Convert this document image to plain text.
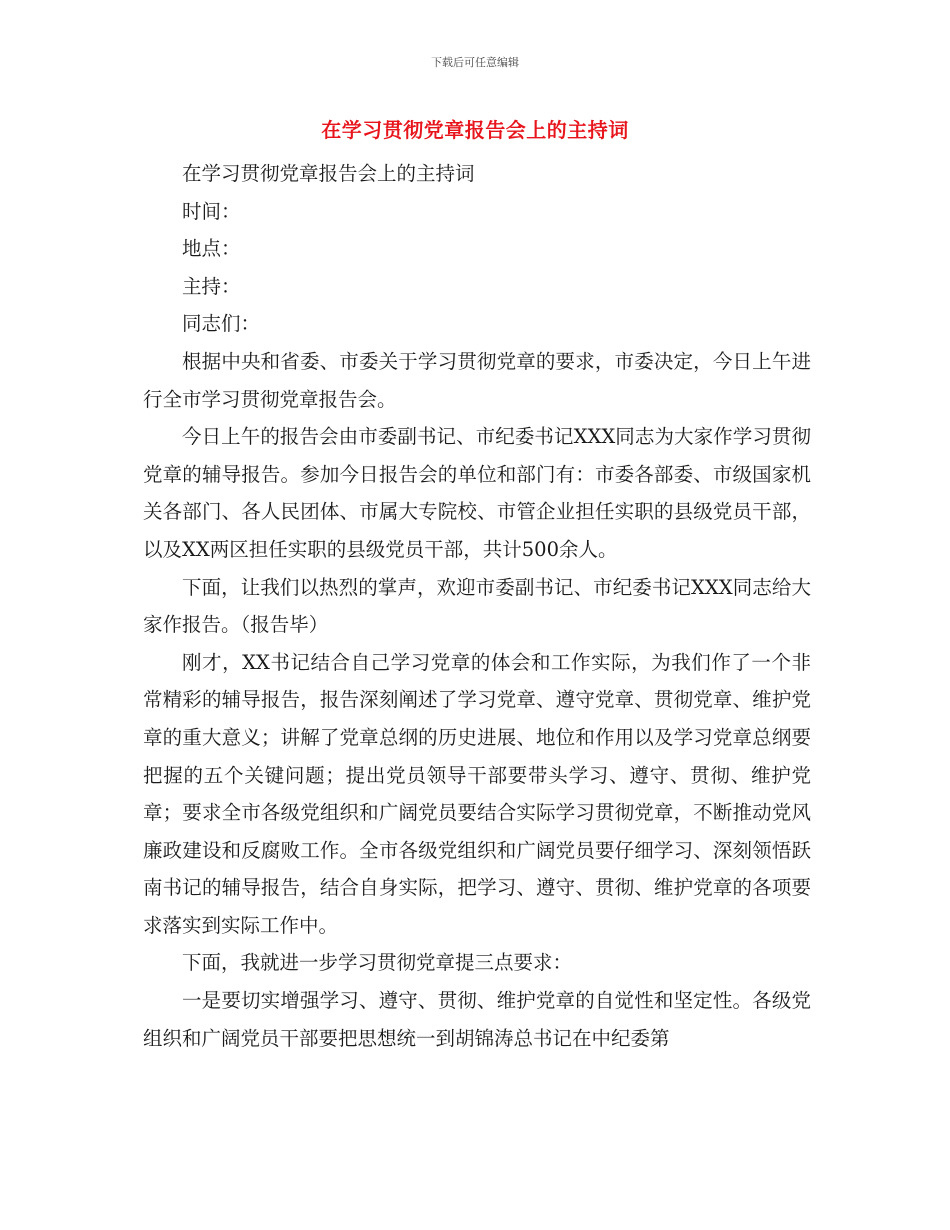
下载后可任意编辑
在学习贯彻党章报告会上的主持词

在学习贯彻党章报告会上的主持词

时间：

地点：

主持：

同志们：

根据中央和省委、市委关于学习贯彻党章的要求，市委决定，今日上午进行全市学习贯彻党章报告会。

今日上午的报告会由市委副书记、市纪委书记XXX同志为大家作学习贯彻党章的辅导报告。参加今日报告会的单位和部门有：市委各部委、市级国家机关各部门、各人民团体、市属大专院校、市管企业担任实职的县级党员干部，以及XX两区担任实职的县级党员干部，共计500余人。

下面，让我们以热烈的掌声，欢迎市委副书记、市纪委书记XXX同志给大家作报告。（报告毕）

刚才，XX书记结合自己学习党章的体会和工作实际，为我们作了一个非常精彩的辅导报告，报告深刻阐述了学习党章、遵守党章、贯彻党章、维护党章的重大意义；讲解了党章总纲的历史进展、地位和作用以及学习党章总纲要把握的五个关键问题；提出党员领导干部要带头学习、遵守、贯彻、维护党章；要求全市各级党组织和广阔党员要结合实际学习贯彻党章，不断推动党风廉政建设和反腐败工作。全市各级党组织和广阔党员要仔细学习、深刻领悟跃南书记的辅导报告，结合自身实际，把学习、遵守、贯彻、维护党章的各项要求落实到实际工作中。

下面，我就进一步学习贯彻党章提三点要求：

一是要切实增强学习、遵守、贯彻、维护党章的自觉性和坚定性。各级党组织和广阔党员干部要把思想统一到胡锦涛总书记在中纪委第
